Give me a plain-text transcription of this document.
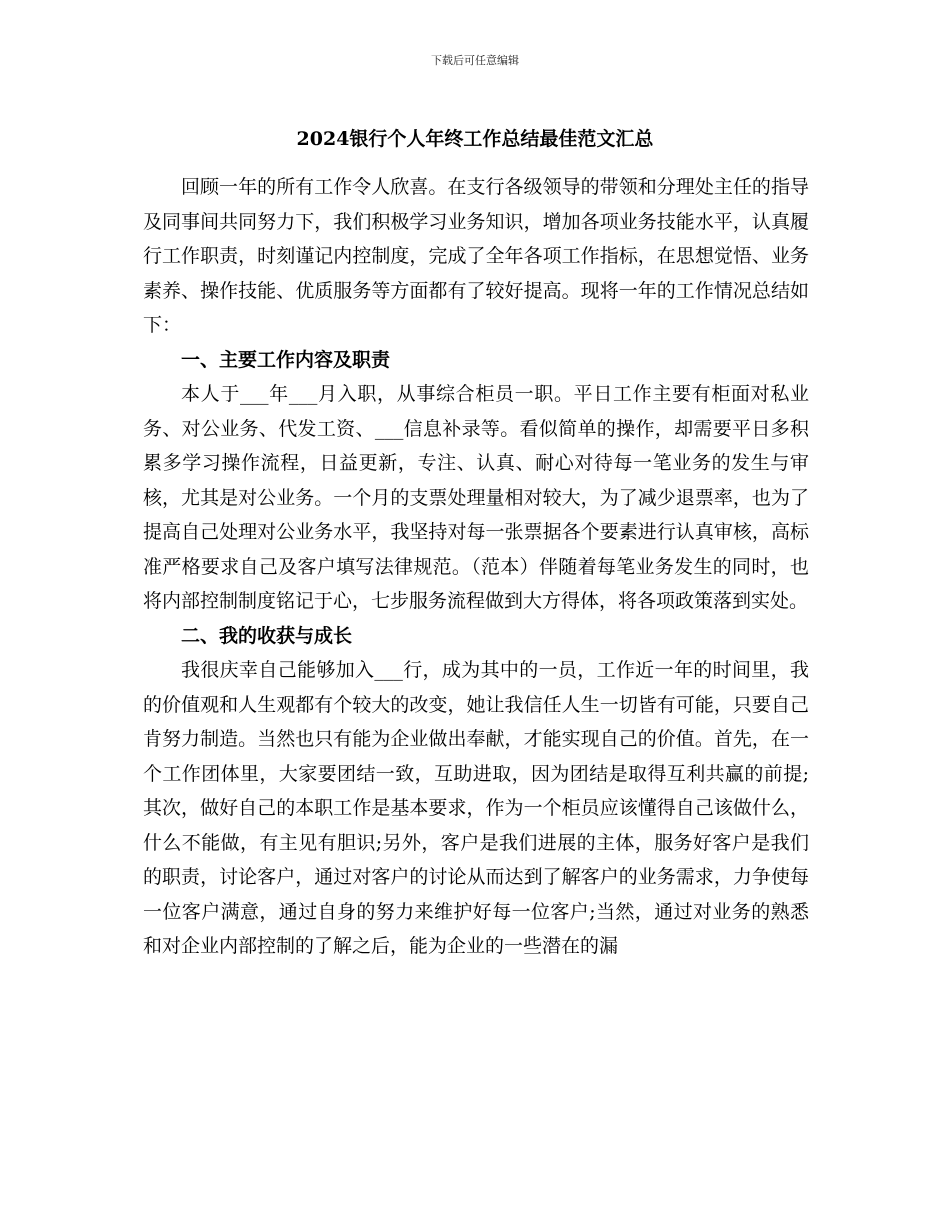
下载后可任意编辑
2024银行个人年终工作总结最佳范文汇总

回顾一年的所有工作令人欣喜。在支行各级领导的带领和分理处主任的指导及同事间共同努力下，我们积极学习业务知识，增加各项业务技能水平，认真履行工作职责，时刻谨记内控制度，完成了全年各项工作指标，在思想觉悟、业务素养、操作技能、优质服务等方面都有了较好提高。现将一年的工作情况总结如下：

一、主要工作内容及职责

本人于___年___月入职，从事综合柜员一职。平日工作主要有柜面对私业务、对公业务、代发工资、___信息补录等。看似简单的操作，却需要平日多积累多学习操作流程，日益更新，专注、认真、耐心对待每一笔业务的发生与审核，尤其是对公业务。一个月的支票处理量相对较大，为了减少退票率，也为了提高自己处理对公业务水平，我坚持对每一张票据各个要素进行认真审核，高标准严格要求自己及客户填写法律规范。（范本）伴随着每笔业务发生的同时，也将内部控制制度铭记于心，七步服务流程做到大方得体，将各项政策落到实处。

二、我的收获与成长

我很庆幸自己能够加入___行，成为其中的一员，工作近一年的时间里，我的价值观和人生观都有个较大的改变，她让我信任人生一切皆有可能，只要自己肯努力制造。当然也只有能为企业做出奉献，才能实现自己的价值。首先，在一个工作团体里，大家要团结一致，互助进取，因为团结是取得互利共赢的前提;其次，做好自己的本职工作是基本要求，作为一个柜员应该懂得自己该做什么，什么不能做，有主见有胆识;另外，客户是我们进展的主体，服务好客户是我们的职责，讨论客户，通过对客户的讨论从而达到了解客户的业务需求，力争使每一位客户满意，通过自身的努力来维护好每一位客户;当然，通过对业务的熟悉和对企业内部控制的了解之后，能为企业的一些潜在的漏
